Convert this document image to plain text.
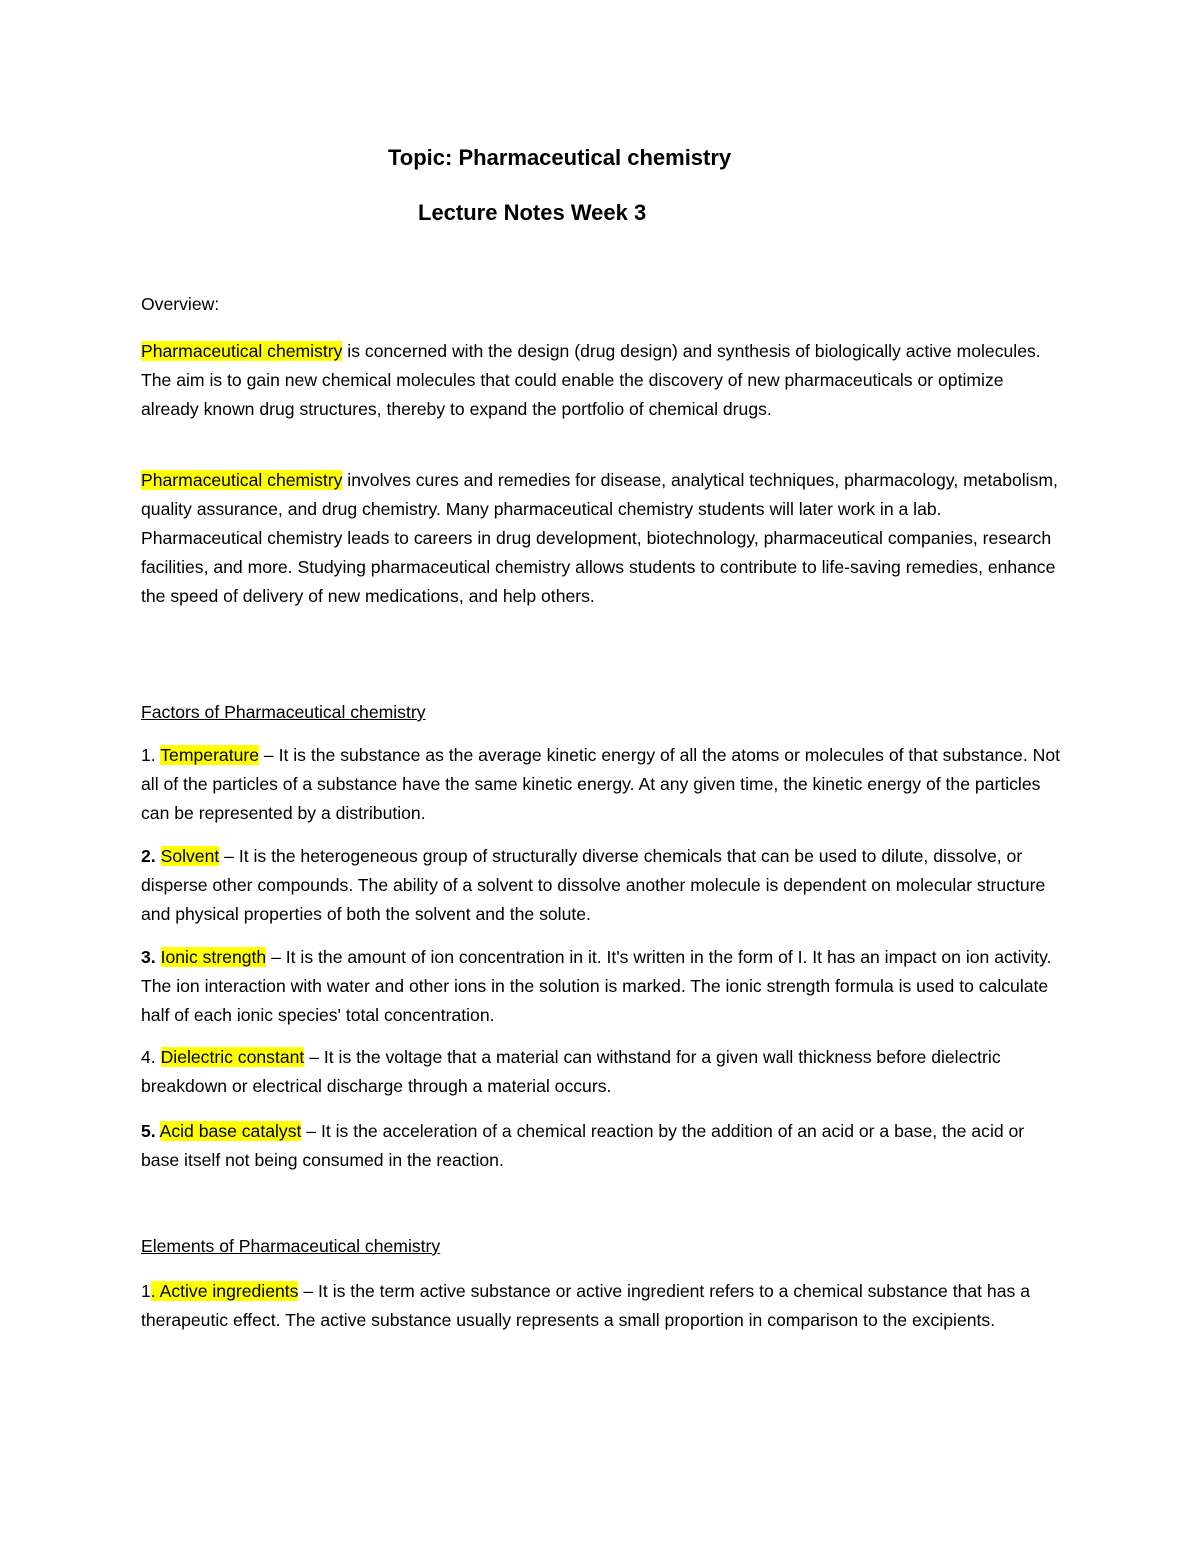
Topic: Pharmaceutical chemistry
Lecture Notes Week 3
Overview:

Pharmaceutical chemistry is concerned with the design (drug design) and synthesis of biologically active molecules. The aim is to gain new chemical molecules that could enable the discovery of new pharmaceuticals or optimize already known drug structures, thereby to expand the portfolio of chemical drugs.

Pharmaceutical chemistry involves cures and remedies for disease, analytical techniques, pharmacology, metabolism, quality assurance, and drug chemistry. Many pharmaceutical chemistry students will later work in a lab. Pharmaceutical chemistry leads to careers in drug development, biotechnology, pharmaceutical companies, research facilities, and more. Studying pharmaceutical chemistry allows students to contribute to life-saving remedies, enhance the speed of delivery of new medications, and help others.

Factors of Pharmaceutical chemistry

1. Temperature – It is the substance as the average kinetic energy of all the atoms or molecules of that substance. Not all of the particles of a substance have the same kinetic energy. At any given time, the kinetic energy of the particles can be represented by a distribution.

2. Solvent – It is the heterogeneous group of structurally diverse chemicals that can be used to dilute, dissolve, or disperse other compounds. The ability of a solvent to dissolve another molecule is dependent on molecular structure and physical properties of both the solvent and the solute.

3. Ionic strength – It is the amount of ion concentration in it. It's written in the form of I. It has an impact on ion activity. The ion interaction with water and other ions in the solution is marked. The ionic strength formula is used to calculate half of each ionic species' total concentration.

4. Dielectric constant – It is the voltage that a material can withstand for a given wall thickness before dielectric breakdown or electrical discharge through a material occurs.

5. Acid base catalyst – It is the acceleration of a chemical reaction by the addition of an acid or a base, the acid or base itself not being consumed in the reaction.

Elements of Pharmaceutical chemistry

1. Active ingredients – It is the term active substance or active ingredient refers to a chemical substance that has a therapeutic effect. The active substance usually represents a small proportion in comparison to the excipients.
